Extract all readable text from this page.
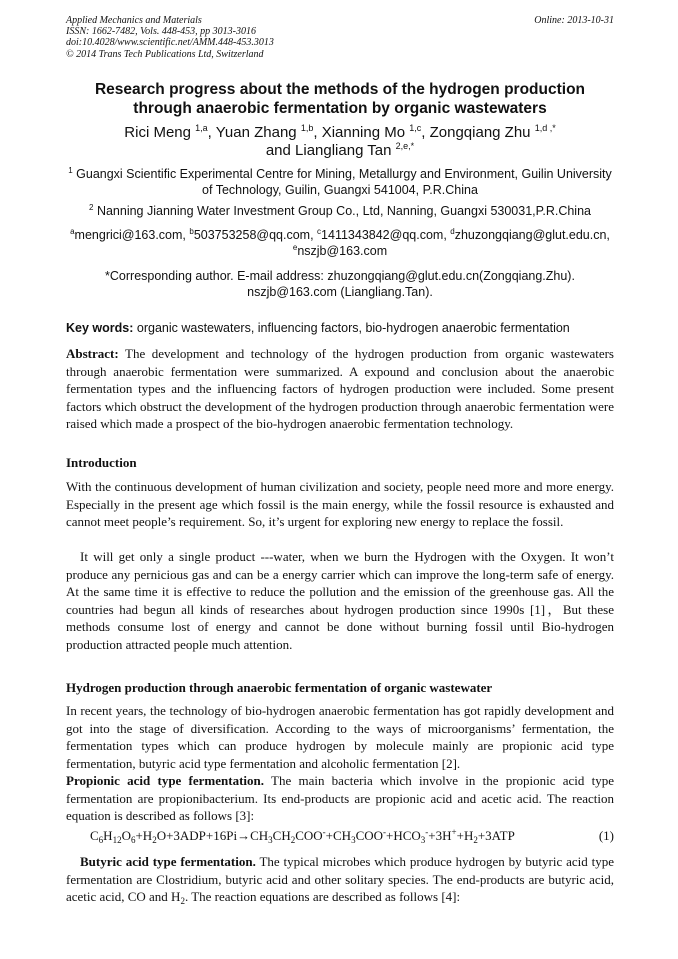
Applied Mechanics and Materials
ISSN: 1662-7482, Vols. 448-453, pp 3013-3016
doi:10.4028/www.scientific.net/AMM.448-453.3013
© 2014 Trans Tech Publications Ltd, Switzerland
Online: 2013-10-31
Research progress about the methods of the hydrogen production
through anaerobic fermentation by organic wastewaters
Rici Meng $^{1,a}$, Yuan Zhang $^{1,b}$, Xianning Mo $^{1,c}$, Zongqiang Zhu $^{1,d ,*}$
and Liangliang Tan $^{2,e,*}$
$^1$ Guangxi Scientific Experimental Centre for Mining, Metallurgy and Environment, Guilin University
of Technology, Guilin, Guangxi 541004, P.R.China
$^2$ Nanning Jianning Water Investment Group Co., Ltd, Nanning, Guangxi 530031,P.R.China
$^a$mengrici@163.com, $^b$503753258@qq.com, $^c$1411343842@qq.com, $^d$zhuzongqiang@glut.edu.cn,
$^e$nszjb@163.com
*Corresponding author. E-mail address: zhuzongqiang@glut.edu.cn(Zongqiang.Zhu).
nszjb@163.com (Liangliang.Tan).
Key words: organic wastewaters, influencing factors, bio-hydrogen anaerobic fermentation
Abstract: The development and technology of the hydrogen production from organic wastewaters through anaerobic fermentation were summarized. A expound and conclusion about the anaerobic fermentation types and the influencing factors of hydrogen production were included. Some present factors which obstruct the development of the hydrogen production through anaerobic fermentation were raised which made a prospect of the bio-hydrogen anaerobic fermentation technology.
Introduction
With the continuous development of human civilization and society, people need more and more energy. Especially in the present age which fossil is the main energy, while the fossil resource is exhausted and cannot meet people’s requirement. So, it’s urgent for exploring new energy to replace the fossil.
It will get only a single product ---water, when we burn the Hydrogen with the Oxygen. It won’t produce any pernicious gas and can be a energy carrier which can improve the long-term safe of energy. At the same time it is effective to reduce the pollution and the emission of the greenhouse gas. All the countries had begun all kinds of researches about hydrogen production since 1990s [1]，But these methods consume lost of energy and cannot be done without burning fossil until Bio-hydrogen production attracted people much attention.
Hydrogen production through anaerobic fermentation of organic wastewater
In recent years, the technology of bio-hydrogen anaerobic fermentation has got rapidly development and got into the stage of diversification. According to the ways of microorganisms’ fermentation, the fermentation types which can produce hydrogen by molecule mainly are propionic acid type fermentation, butyric acid type fermentation and alcoholic fermentation [2].
Propionic acid type fermentation. The main bacteria which involve in the propionic acid type fermentation are propionibacterium. Its end-products are propionic acid and acetic acid. The reaction equation is described as follows [3]:
$C_6H_{12}O_6+H_2O+3ADP+16Pi\to CH_3CH_2COO^-+CH_3COO^-+HCO_3^-+3H^++H_2+3ATP$	(1)
Butyric acid type fermentation. The typical microbes which produce hydrogen by butyric acid type fermentation are Clostridium, butyric acid and other solitary species. The end-products are butyric acid, acetic acid, CO and $H_2$. The reaction equations are described as follows [4]:
